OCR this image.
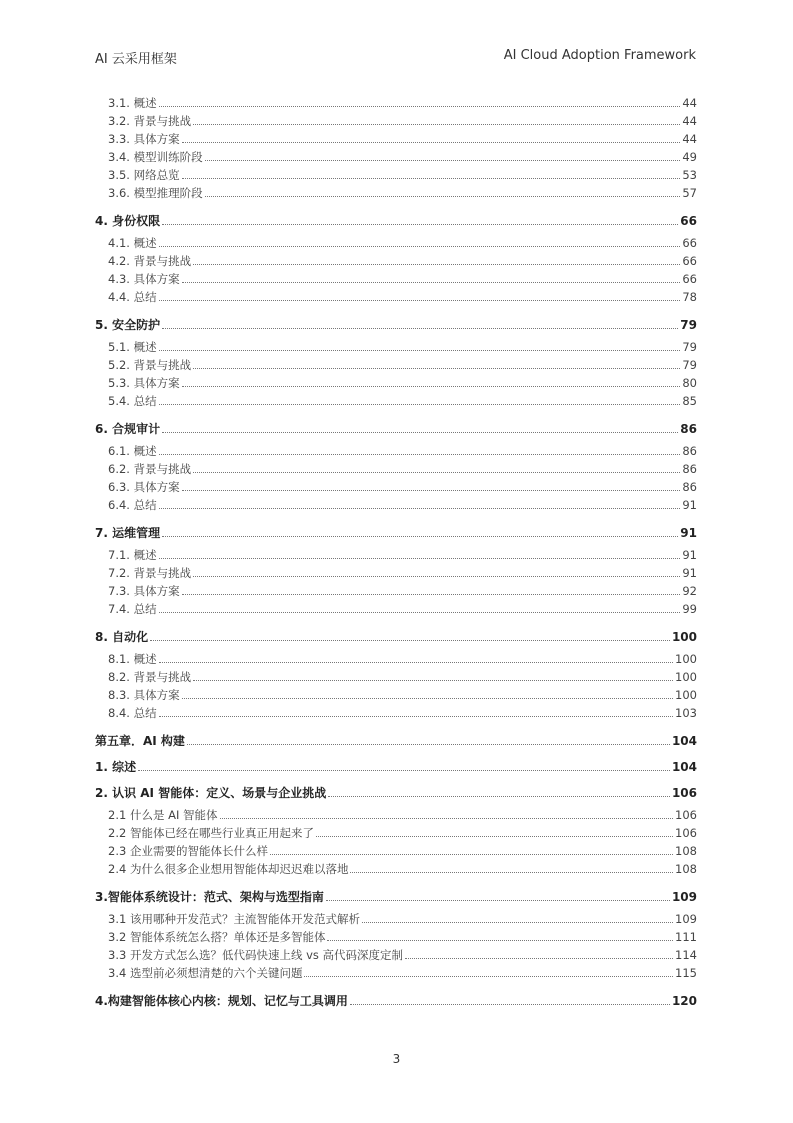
AI 云采用框架	AI Cloud Adoption Framework
3.1. 概述	44
3.2. 背景与挑战	44
3.3. 具体方案	44
3.4. 模型训练阶段	49
3.5. 网络总览	53
3.6. 模型推理阶段	57
4. 身份权限	66
4.1. 概述	66
4.2. 背景与挑战	66
4.3. 具体方案	66
4.4. 总结	78
5. 安全防护	79
5.1. 概述	79
5.2. 背景与挑战	79
5.3. 具体方案	80
5.4. 总结	85
6. 合规审计	86
6.1. 概述	86
6.2. 背景与挑战	86
6.3. 具体方案	86
6.4. 总结	91
7. 运维管理	91
7.1. 概述	91
7.2. 背景与挑战	91
7.3. 具体方案	92
7.4. 总结	99
8. 自动化	100
8.1. 概述	100
8.2. 背景与挑战	100
8.3. 具体方案	100
8.4. 总结	103
第五章．AI 构建	104
1. 综述	104
2. 认识 AI 智能体：定义、场景与企业挑战	106
2.1 什么是 AI 智能体	106
2.2 智能体已经在哪些行业真正用起来了	106
2.3 企业需要的智能体长什么样	108
2.4 为什么很多企业想用智能体却迟迟难以落地	108
3.智能体系统设计：范式、架构与选型指南	109
3.1 该用哪种开发范式？主流智能体开发范式解析	109
3.2 智能体系统怎么搭？单体还是多智能体	111
3.3 开发方式怎么选？低代码快速上线 vs 高代码深度定制	114
3.4 选型前必须想清楚的六个关键问题	115
4.构建智能体核心内核：规划、记忆与工具调用	120
3
